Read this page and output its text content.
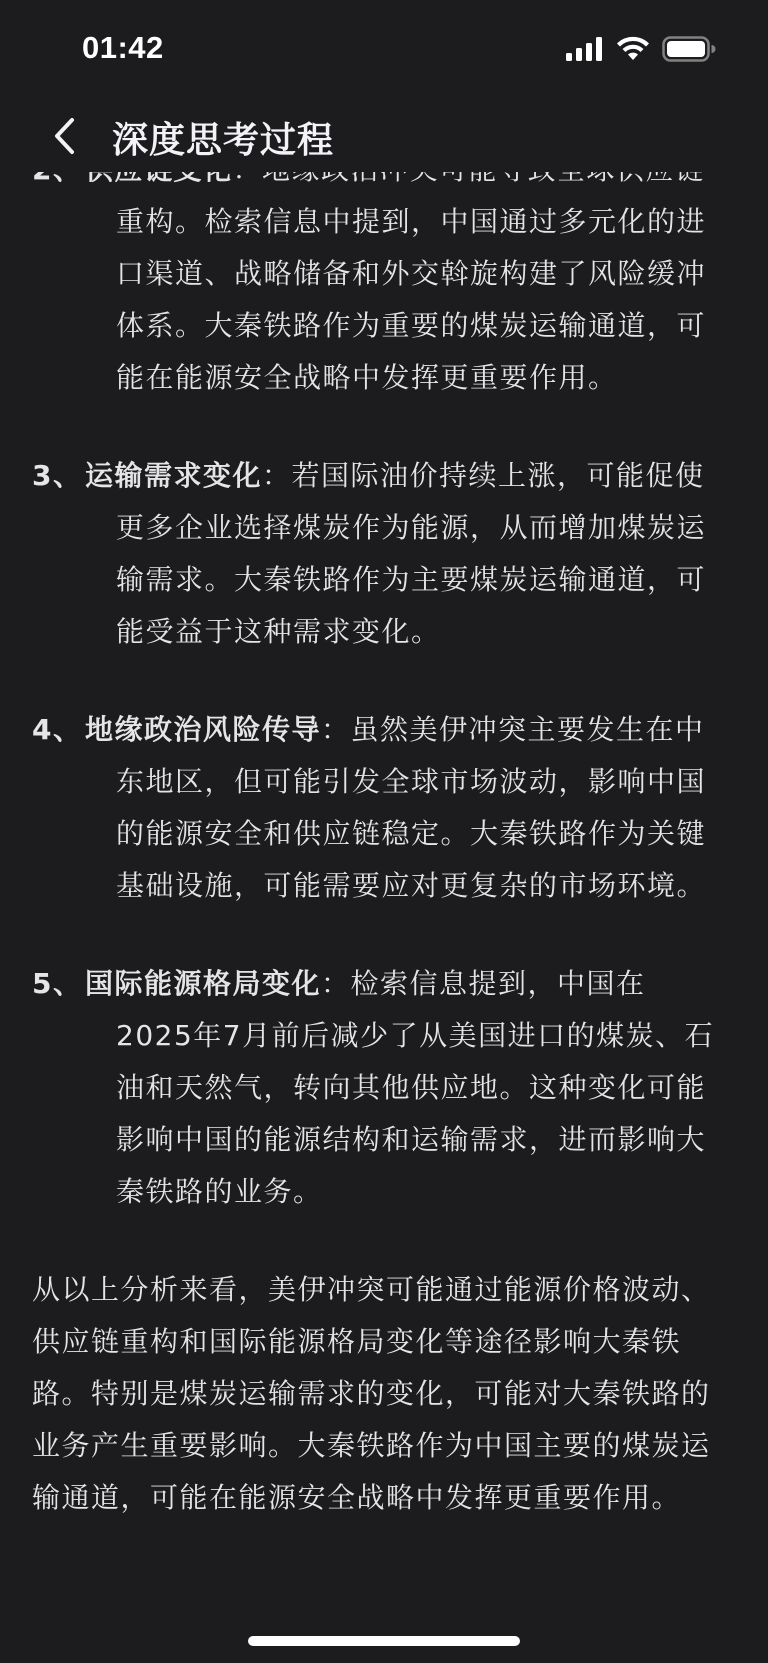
01:42
深度思考过程
重构。检索信息中提到，中国通过多元化的进口渠道、战略储备和外交斡旋构建了风险缓冲体系。大秦铁路作为重要的煤炭运输通道，可能在能源安全战略中发挥更重要作用。
3、 运输需求变化：若国际油价持续上涨，可能促使更多企业选择煤炭作为能源，从而增加煤炭运输需求。大秦铁路作为主要煤炭运输通道，可能受益于这种需求变化。
4、 地缘政治风险传导：虽然美伊冲突主要发生在中东地区，但可能引发全球市场波动，影响中国的能源安全和供应链稳定。大秦铁路作为关键基础设施，可能需要应对更复杂的市场环境。
5、 国际能源格局变化：检索信息提到，中国在2025年7月前后减少了从美国进口的煤炭、石油和天然气，转向其他供应地。这种变化可能影响中国的能源结构和运输需求，进而影响大秦铁路的业务。
从以上分析来看，美伊冲突可能通过能源价格波动、供应链重构和国际能源格局变化等途径影响大秦铁路。特别是煤炭运输需求的变化，可能对大秦铁路的业务产生重要影响。大秦铁路作为中国主要的煤炭运输通道，可能在能源安全战略中发挥更重要作用。
